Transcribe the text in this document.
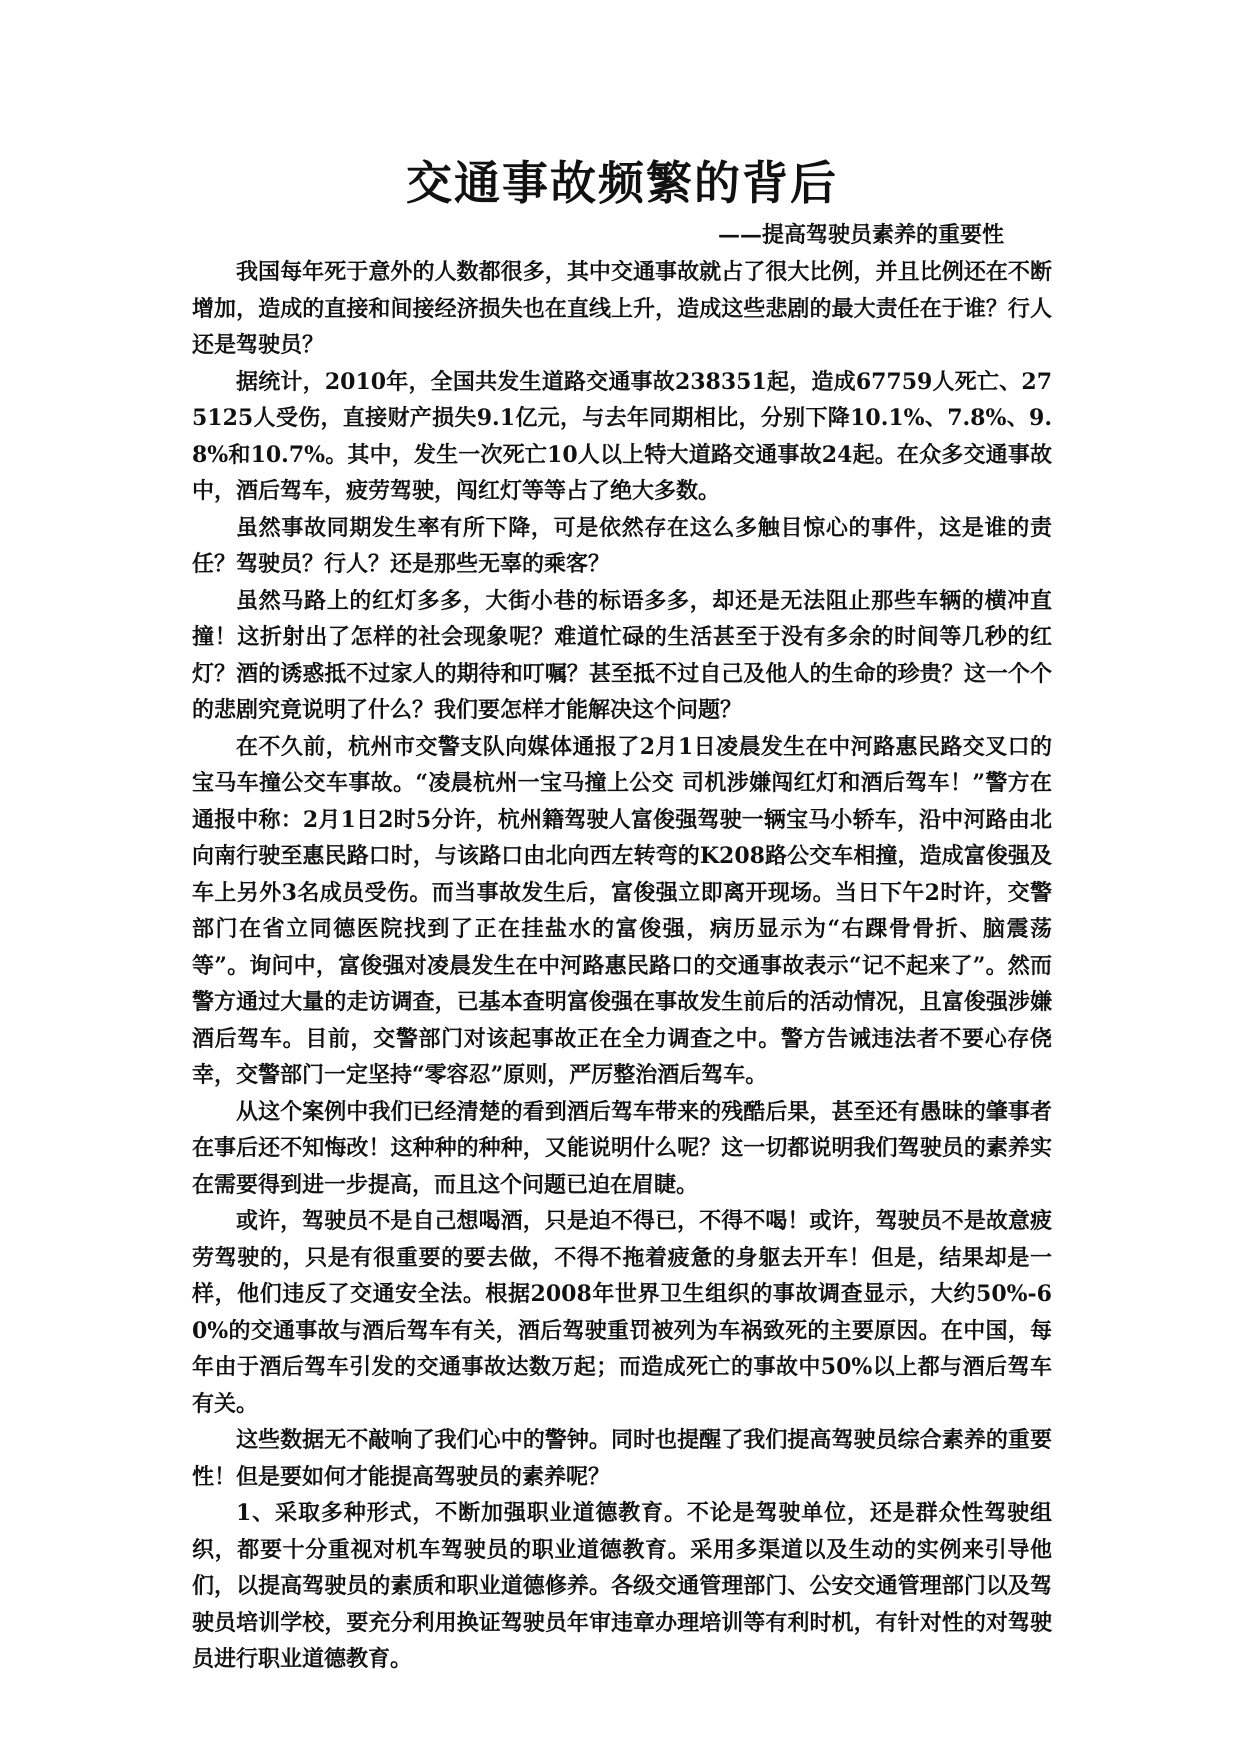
交通事故频繁的背后
——提高驾驶员素养的重要性

我国每年死于意外的人数都很多，其中交通事故就占了很大比例，并且比例还在不断增加，造成的直接和间接经济损失也在直线上升，造成这些悲剧的最大责任在于谁？行人还是驾驶员？

据统计，2010年，全国共发生道路交通事故238351起，造成67759人死亡、275125人受伤，直接财产损失9.1亿元，与去年同期相比，分别下降10.1%、7.8%、9.8%和10.7%。其中，发生一次死亡10人以上特大道路交通事故24起。在众多交通事故中，酒后驾车，疲劳驾驶，闯红灯等等占了绝大多数。

虽然事故同期发生率有所下降，可是依然存在这么多触目惊心的事件，这是谁的责任？驾驶员？行人？还是那些无辜的乘客？

虽然马路上的红灯多多，大街小巷的标语多多，却还是无法阻止那些车辆的横冲直撞！这折射出了怎样的社会现象呢？难道忙碌的生活甚至于没有多余的时间等几秒的红灯？酒的诱惑抵不过家人的期待和叮嘱？甚至抵不过自己及他人的生命的珍贵？这一个个的悲剧究竟说明了什么？我们要怎样才能解决这个问题？

在不久前，杭州市交警支队向媒体通报了2月1日凌晨发生在中河路惠民路交叉口的宝马车撞公交车事故。“凌晨杭州一宝马撞上公交 司机涉嫌闯红灯和酒后驾车！”警方在通报中称：2月1日2时5分许，杭州籍驾驶人富俊强驾驶一辆宝马小轿车，沿中河路由北向南行驶至惠民路口时，与该路口由北向西左转弯的K208路公交车相撞，造成富俊强及车上另外3名成员受伤。而当事故发生后，富俊强立即离开现场。当日下午2时许，交警部门在省立同德医院找到了正在挂盐水的富俊强，病历显示为“右踝骨骨折、脑震荡等”。询问中，富俊强对凌晨发生在中河路惠民路口的交通事故表示“记不起来了”。然而警方通过大量的走访调查，已基本查明富俊强在事故发生前后的活动情况，且富俊强涉嫌酒后驾车。目前，交警部门对该起事故正在全力调查之中。警方告诫违法者不要心存侥幸，交警部门一定坚持“零容忍”原则，严厉整治酒后驾车。

从这个案例中我们已经清楚的看到酒后驾车带来的残酷后果，甚至还有愚昧的肇事者在事后还不知悔改！这种种的种种，又能说明什么呢？这一切都说明我们驾驶员的素养实在需要得到进一步提高，而且这个问题已迫在眉睫。

或许，驾驶员不是自己想喝酒，只是迫不得已，不得不喝！或许，驾驶员不是故意疲劳驾驶的，只是有很重要的要去做，不得不拖着疲惫的身躯去开车！但是，结果却是一样，他们违反了交通安全法。根据2008年世界卫生组织的事故调查显示，大约50%-60%的交通事故与酒后驾车有关，酒后驾驶重罚被列为车祸致死的主要原因。在中国，每年由于酒后驾车引发的交通事故达数万起；而造成死亡的事故中50%以上都与酒后驾车有关。

这些数据无不敲响了我们心中的警钟。同时也提醒了我们提高驾驶员综合素养的重要性！但是要如何才能提高驾驶员的素养呢？

1、采取多种形式，不断加强职业道德教育。不论是驾驶单位，还是群众性驾驶组织，都要十分重视对机车驾驶员的职业道德教育。采用多渠道以及生动的实例来引导他们，以提高驾驶员的素质和职业道德修养。各级交通管理部门、公安交通管理部门以及驾驶员培训学校，要充分利用换证驾驶员年审违章办理培训等有利时机，有针对性的对驾驶员进行职业道德教育。
